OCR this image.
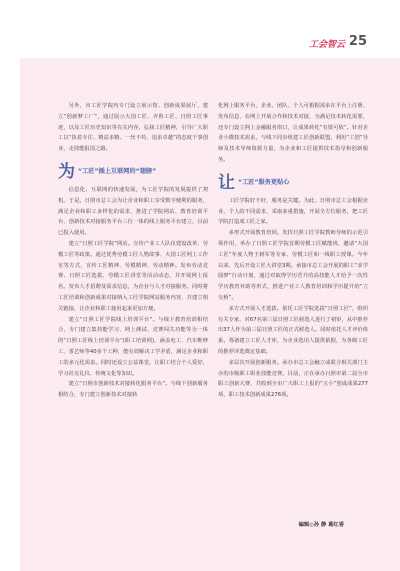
工会智云 25

另外，市工匠学院内专门设立展示馆、创新成果展厅，建立“创新梦工厂”，通过展示大国工匠、齐鲁工匠、日照工匠事迹，以及工匠历史知识等有关内容，弘扬工匠精神，引导广大职工以“执着专注、精益求精、一丝不苟、追求卓越”的态度干事创业，走技能报国之路。

为 “工匠”插上互联网的“翅膀”

信息化、互联网的快速发展，为工匠学院的发展提供了契机。于是，日照市总工会为让企业和职工享受数字便利的服务，满足企业和职工多样化的需求，推进了学院网站、教育培训平台、创新技术对接服务平台三位一体的线上服务平台建立，目前已投入使用。

建立“日照工匠学院”网站。宣传产业工人队伍建设改革、劳模工匠等政策。通过优秀劳模工匠人物故事、大国工匠网上工作室等方式，宣传工匠精神、劳模精神、劳动精神。发布劳动竞赛、日照工匠选拔、劳模工匠讲堂等活动动态，并开展网上报名。发布人才招聘及需求信息，为企业与人才对接服务。同时将工匠培训和创新成果对接纳入工匠学院网站服务内容，并建立相关链接，让企业和职工使用起来更加方便。

建立“日照工匠学院线上培训平台”。与线下教育培训相结合，专门建立集技能学习、网上测试、竞赛闯关功能等为一体的“日照工匠线上培训平台”(职工培训网)，涵盖电工、汽车维修工、茶艺师等40多个工种，能有效解决工学矛盾，满足企业和职工的多元化需求。同时还设立公益课堂，让职工结合个人爱好，学习社交礼仪、传统文化等知识。

建立“日照市创新技术对接转化服务平台”。与线下创新服务相结合，专门建立创新技术对接转

化网上服务平台，企业、团队、个人可根据需求在平台上注册、发布信息，在网上开展合作和技术对接，为满足技术转化需要，还专门设立网上金融服务窗口，让成果转化“有资可依”。针对企业小微技术需求，与线下同步组建工匠创新联盟，利用“工创”导师及技术导师资源力量，为企业和工匠提供技术指导和创新服务。

让 “工匠”服务更贴心

工匠学院好不好，服务是关键。为此，日照市总工会根据企业、个人的不同需求，采取多重措施，开展全方位服务，把工匠学院打造成工匠之家。

多形式开展教育培训。发挥日照工匠学院教师导师的示范引领作用，举办了日照工匠学院首期劳模工匠赋能班，邀请“大国工匠”年度人物王树军等专家、劳模工匠和一线职工授课。今年以来，先后开设工匠大讲堂3期。承接市总工会开展的职工“求学圆梦”行动计划，通过对取得学历晋升的高技能人才给予一次性学历教育补助等形式，推进产业工人教育培训和学历提升的“立交桥”。

多方式开展人才选拔。依托工匠学院选拔“日照工匠”，组织有关专家，对67名第三届日照工匠候选人进行了初审，从中推荐出37人作为第三届日照工匠的正式候选人。同时依托人才评价体系，筹备建立工匠人才库，为企业选用人提供依据，为各级工匠的推荐评选奠定基础。

多层次开展创新服务。承办市总工会触立或联合相关部门主办的市级职工职业技能竞赛。目前，正在承办日照市第二届全市职工创新大赛，共收到全市广大职工上报的“五小”创成成果277项，职工技术创新成果276项。

编辑◎孙 静 葛红香
